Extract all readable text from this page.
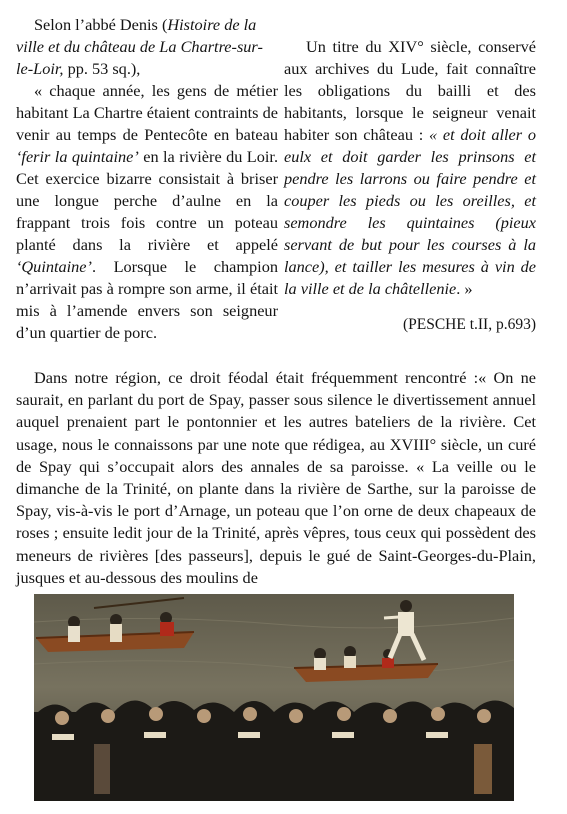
Selon l’abbé Denis (Histoire de la ville et du château de La Chartre-sur-le-Loir, pp. 53 sq.),

« chaque année, les gens de métier habitant La Chartre étaient contraints de venir au temps de Pentecôte en bateau ‘ferir la quintaine’ en la rivière du Loir. Cet exercice bizarre consistait à briser une longue perche d’aulne en la frappant trois fois contre un poteau planté dans la rivière et appelé ‘Quintaine’. Lorsque le champion n’arrivait pas à rompre son arme, il était mis à l’amende envers son seigneur d’un quartier de porc.

Un titre du XIV° siècle, conservé aux archives du Lude, fait connaître les obligations du bailli et des habitants, lorsque le seigneur venait habiter son château : « et doit aller o eulx et doit garder les prinsons et pendre les larrons ou faire pendre et couper les pieds ou les oreilles, et semondre les quintaines (pieux servant de but pour les courses à la lance), et tailler les mesures à vin de la ville et de la châtellenie. »

(PESCHE t.II, p.693)

Dans notre région, ce droit féodal était fréquemment rencontré :« On ne saurait, en parlant du port de Spay, passer sous silence le divertissement annuel auquel prenaient part le pontonnier et les autres bateliers de la rivière. Cet usage, nous le connaissons par une note que rédigea, au XVIII° siècle, un curé de Spay qui s’occupait alors des annales de sa paroisse. « La veille ou le dimanche de la Trinité, on plante dans la rivière de Sarthe, sur la paroisse de Spay, vis-à-vis le port d’Arnage, un poteau que l’on orne de deux chapeaux de roses ; ensuite ledit jour de la Trinité, après vêpres, tous ceux qui possèdent des meneurs de rivières [des passeurs], depuis le gué de Saint-Georges-du-Plain, jusques et au-dessous des moulins de
